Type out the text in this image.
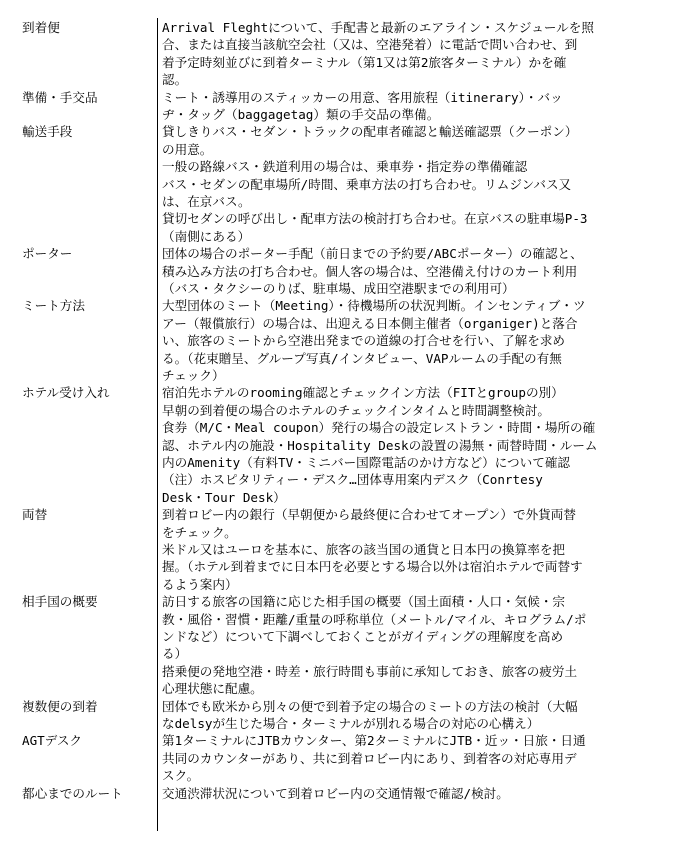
到着便	Arrival Fleghtについて、手配書と最新のエアライン・スケジュールを照
合、または直接当該航空会社（又は、空港発着）に電話で問い合わせ、到
着予定時刻並びに到着ターミナル（第1又は第2旅客ターミナル）かを確
認。
準備・手交品	ミート・誘導用のスティッカーの用意、客用旅程（itinerary）・バッ
ヂ・タッグ（baggagetag）類の手交品の準備。
輸送手段	貸しきりバス・セダン・トラックの配車者確認と輸送確認票（クーポン）
の用意。
一般の路線バス・鉄道利用の場合は、乗車券・指定券の準備確認
バス・セダンの配車場所/時間、乗車方法の打ち合わせ。リムジンバス又
は、在京バス。
貸切セダンの呼び出し・配車方法の検討打ち合わせ。在京バスの駐車場P-3
（南側にある）
ポーター	団体の場合のポーター手配（前日までの予約要/ABCポーター）の確認と、
積み込み方法の打ち合わせ。個人客の場合は、空港備え付けのカート利用
（バス・タクシーのりば、駐車場、成田空港駅までの利用可）
ミート方法	大型団体のミート（Meeting）・待機場所の状況判断。インセンティブ・ツ
アー（報償旅行）の場合は、出迎える日本側主催者（organiger)と落合
い、旅客のミートから空港出発までの道線の打合せを行い、了解を求め
る。（花束贈呈、グループ写真/インタビュー、VAPルームの手配の有無
チェック）
ホテル受け入れ	宿泊先ホテルのrooming確認とチェックイン方法（FITとgroupの別）
早朝の到着便の場合のホテルのチェックインタイムと時間調整検討。
食券（M/C・Meal coupon）発行の場合の設定レストラン・時間・場所の確
認、ホテル内の施設・Hospitality Deskの設置の湯無・両替時間・ルーム
内のAmenity（有料TV・ミニバー国際電話のかけ方など）について確認
（注）ホスピタリティー・デスク…団体専用案内デスク（Conrtesy
Desk・Tour Desk）
両替	到着ロビー内の銀行（早朝便から最終便に合わせてオープン）で外貨両替
をチェック。
米ドル又はユーロを基本に、旅客の該当国の通貨と日本円の換算率を把
握。（ホテル到着までに日本円を必要とする場合以外は宿泊ホテルで両替す
るよう案内）
相手国の概要	訪日する旅客の国籍に応じた相手国の概要（国土面積・人口・気候・宗
教・風俗・習慣・距離/重量の呼称単位（メートル/マイル、キログラム/ポ
ンドなど）について下調べしておくことがガイディングの理解度を高め
る）
搭乗便の発地空港・時差・旅行時間も事前に承知しておき、旅客の疲労土
心理状態に配慮。
複数便の到着	団体でも欧米から別々の便で到着予定の場合のミートの方法の検討（大幅
なdelsyが生じた場合・ターミナルが別れる場合の対応の心構え）
AGTデスク	第1ターミナルにJTBカウンター、第2ターミナルにJTB・近ッ・日旅・日通
共同のカウンターがあり、共に到着ロビー内にあり、到着客の対応専用デ
スク。
都心までのルート	交通渋滞状況について到着ロビー内の交通情報で確認/検討。
